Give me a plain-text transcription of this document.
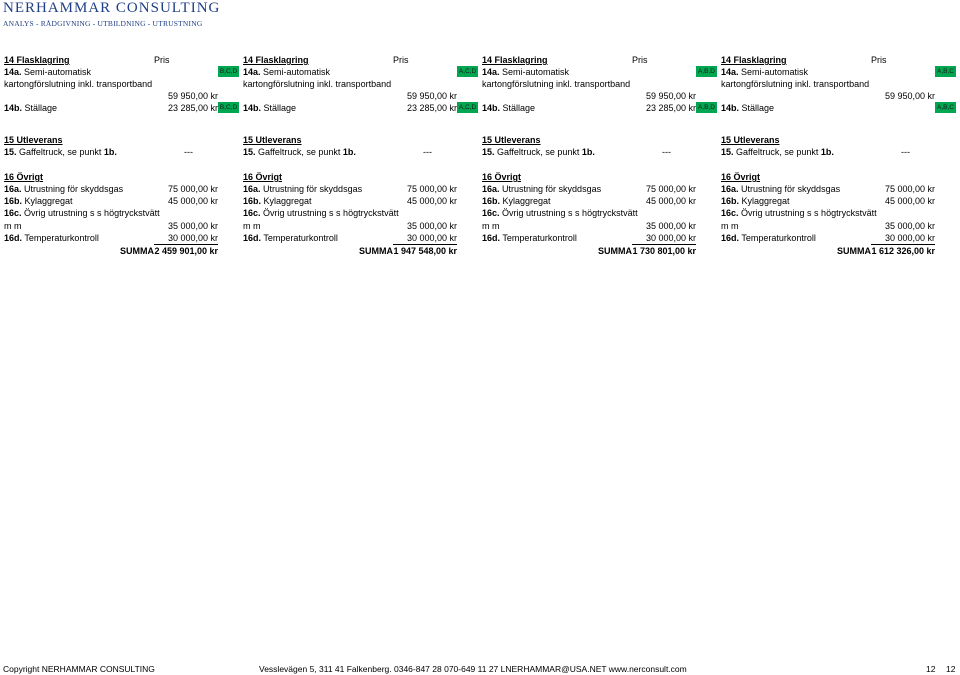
NERHAMMAR CONSULTING
ANALYS - RÅDGIVNING - UTBILDNING - UTRUSTNING
14 Flasklagring	Pris
14a. Semi-automatisk	B,C,D
kartongförslutning inkl. transportband
59 950,00 kr
14b. Ställage	23 285,00 kr B,C,D
15 Utleverans
15. Gaffeltruck, se punkt 1b.	---
16 Övrigt
16a. Utrustning för skyddsgas	75 000,00 kr
16b. Kylaggregat	45 000,00 kr
16c. Övrig utrustning s s högtryckstvätt
m m	35 000,00 kr
16d. Temperaturkontroll	30 000,00 kr
SUMMA 2 459 901,00 kr
14 Flasklagring	Pris
14a. Semi-automatisk	A,C,D
kartongförslutning inkl. transportband
59 950,00 kr
14b. Ställage	23 285,00 kr A,C,D
15 Utleverans
15. Gaffeltruck, se punkt 1b.	---
16 Övrigt
16a. Utrustning för skyddsgas	75 000,00 kr
16b. Kylaggregat	45 000,00 kr
16c. Övrig utrustning s s högtryckstvätt
m m	35 000,00 kr
16d. Temperaturkontroll	30 000,00 kr
SUMMA 1 947 548,00 kr
14 Flasklagring	Pris
14a. Semi-automatisk	A,B,D
kartongförslutning inkl. transportband
59 950,00 kr
14b. Ställage	23 285,00 kr A,B,D
15 Utleverans
15. Gaffeltruck, se punkt 1b.	---
16 Övrigt
16a. Utrustning för skyddsgas	75 000,00 kr
16b. Kylaggregat	45 000,00 kr
16c. Övrig utrustning s s högtryckstvätt
m m	35 000,00 kr
16d. Temperaturkontroll	30 000,00 kr
SUMMA 1 730 801,00 kr
14 Flasklagring	Pris
14a. Semi-automatisk	A,B,C
kartongförslutning inkl. transportband
59 950,00 kr
14b. Ställage	A,B,C
15 Utleverans
15. Gaffeltruck, se punkt 1b.	---
16 Övrigt
16a. Utrustning för skyddsgas	75 000,00 kr
16b. Kylaggregat	45 000,00 kr
16c. Övrig utrustning s s högtryckstvätt
m m	35 000,00 kr
16d. Temperaturkontroll	30 000,00 kr
SUMMA 1 612 326,00 kr
Copyright NERHAMMAR CONSULTING	Vesslevägen 5, 311 41 Falkenberg. 0346-847 28 070-649 11 27 LNERHAMMAR@USA.NET www.nerconsult.com	12 12
